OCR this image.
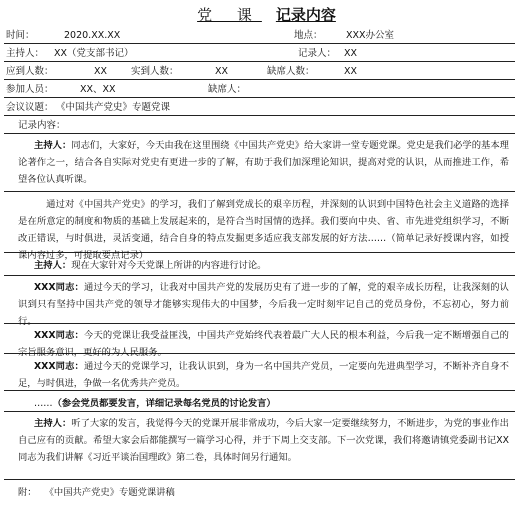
党 课 记录内容
时间：	2020.XX.XX	地点： XXX办公室
主持人： XX（党支部书记）	记录人： XX
应到人数：	XX	实到人数：	XX	缺席人数：	XX
参加人员：	XX、XX	缺席人：
会议议题： 《中国共产党史》专题党课
记录内容：
主持人：同志们，大家好，今天由我在这里围绕《中国共产党史》给大家讲一堂专题党课。党史是我们必学的基本理论著作之一，结合各自实际对党史有更进一步的了解，有助于我们加深理论知识，提高对党的认识，从而推进工作，希望各位认真听课。
通过对《中国共产党史》的学习，我们了解到党成长的艰辛历程，并深刻的认识到中国特色社会主义道路的选择是在所意定的制度和物质的基础上发展起来的，是符合当时国情的选择。我们要向中央、省、市先进党组织学习，不断改正错误，与时俱进，灵活变通，结合自身的特点发掘更多适应我支部发展的好方法……（简单记录好授课内容，如授课内容过多，可提取要点记录）
主持人：现在大家针对今天党课上所讲的内容进行讨论。
XXX同志：通过今天的学习，让我对中国共产党的发展历史有了进一步的了解，党的艰辛成长历程，让我深刻的认识到只有坚持中国共产党的领导才能够实现伟大的中国梦，今后我一定时刻牢记自己的党员身份，不忘初心，努力前行。
XXX同志：今天的党课让我受益匪浅，中国共产党始终代表着最广大人民的根本利益，今后我一定不断增强自己的宗旨服务意识，更好的为人民服务。
XXX同志：通过今天的党课学习，让我认识到，身为一名中国共产党员，一定要向先进典型学习，不断补齐自身不足，与时俱进，争做一名优秀共产党员。
……（参会党员都要发言，详细记录每名党员的讨论发言）
主持人：听了大家的发言，我觉得今天的党课开展非常成功，今后大家一定要继续努力，不断进步，为党的事业作出自己应有的贡献。希望大家会后都能撰写一篇学习心得，并于下周上交支部。下一次党课，我们将邀请镇党委副书记XX同志为我们讲解《习近平谈治国理政》第二卷，具体时间另行通知。
附： 《中国共产党史》专题党课讲稿
